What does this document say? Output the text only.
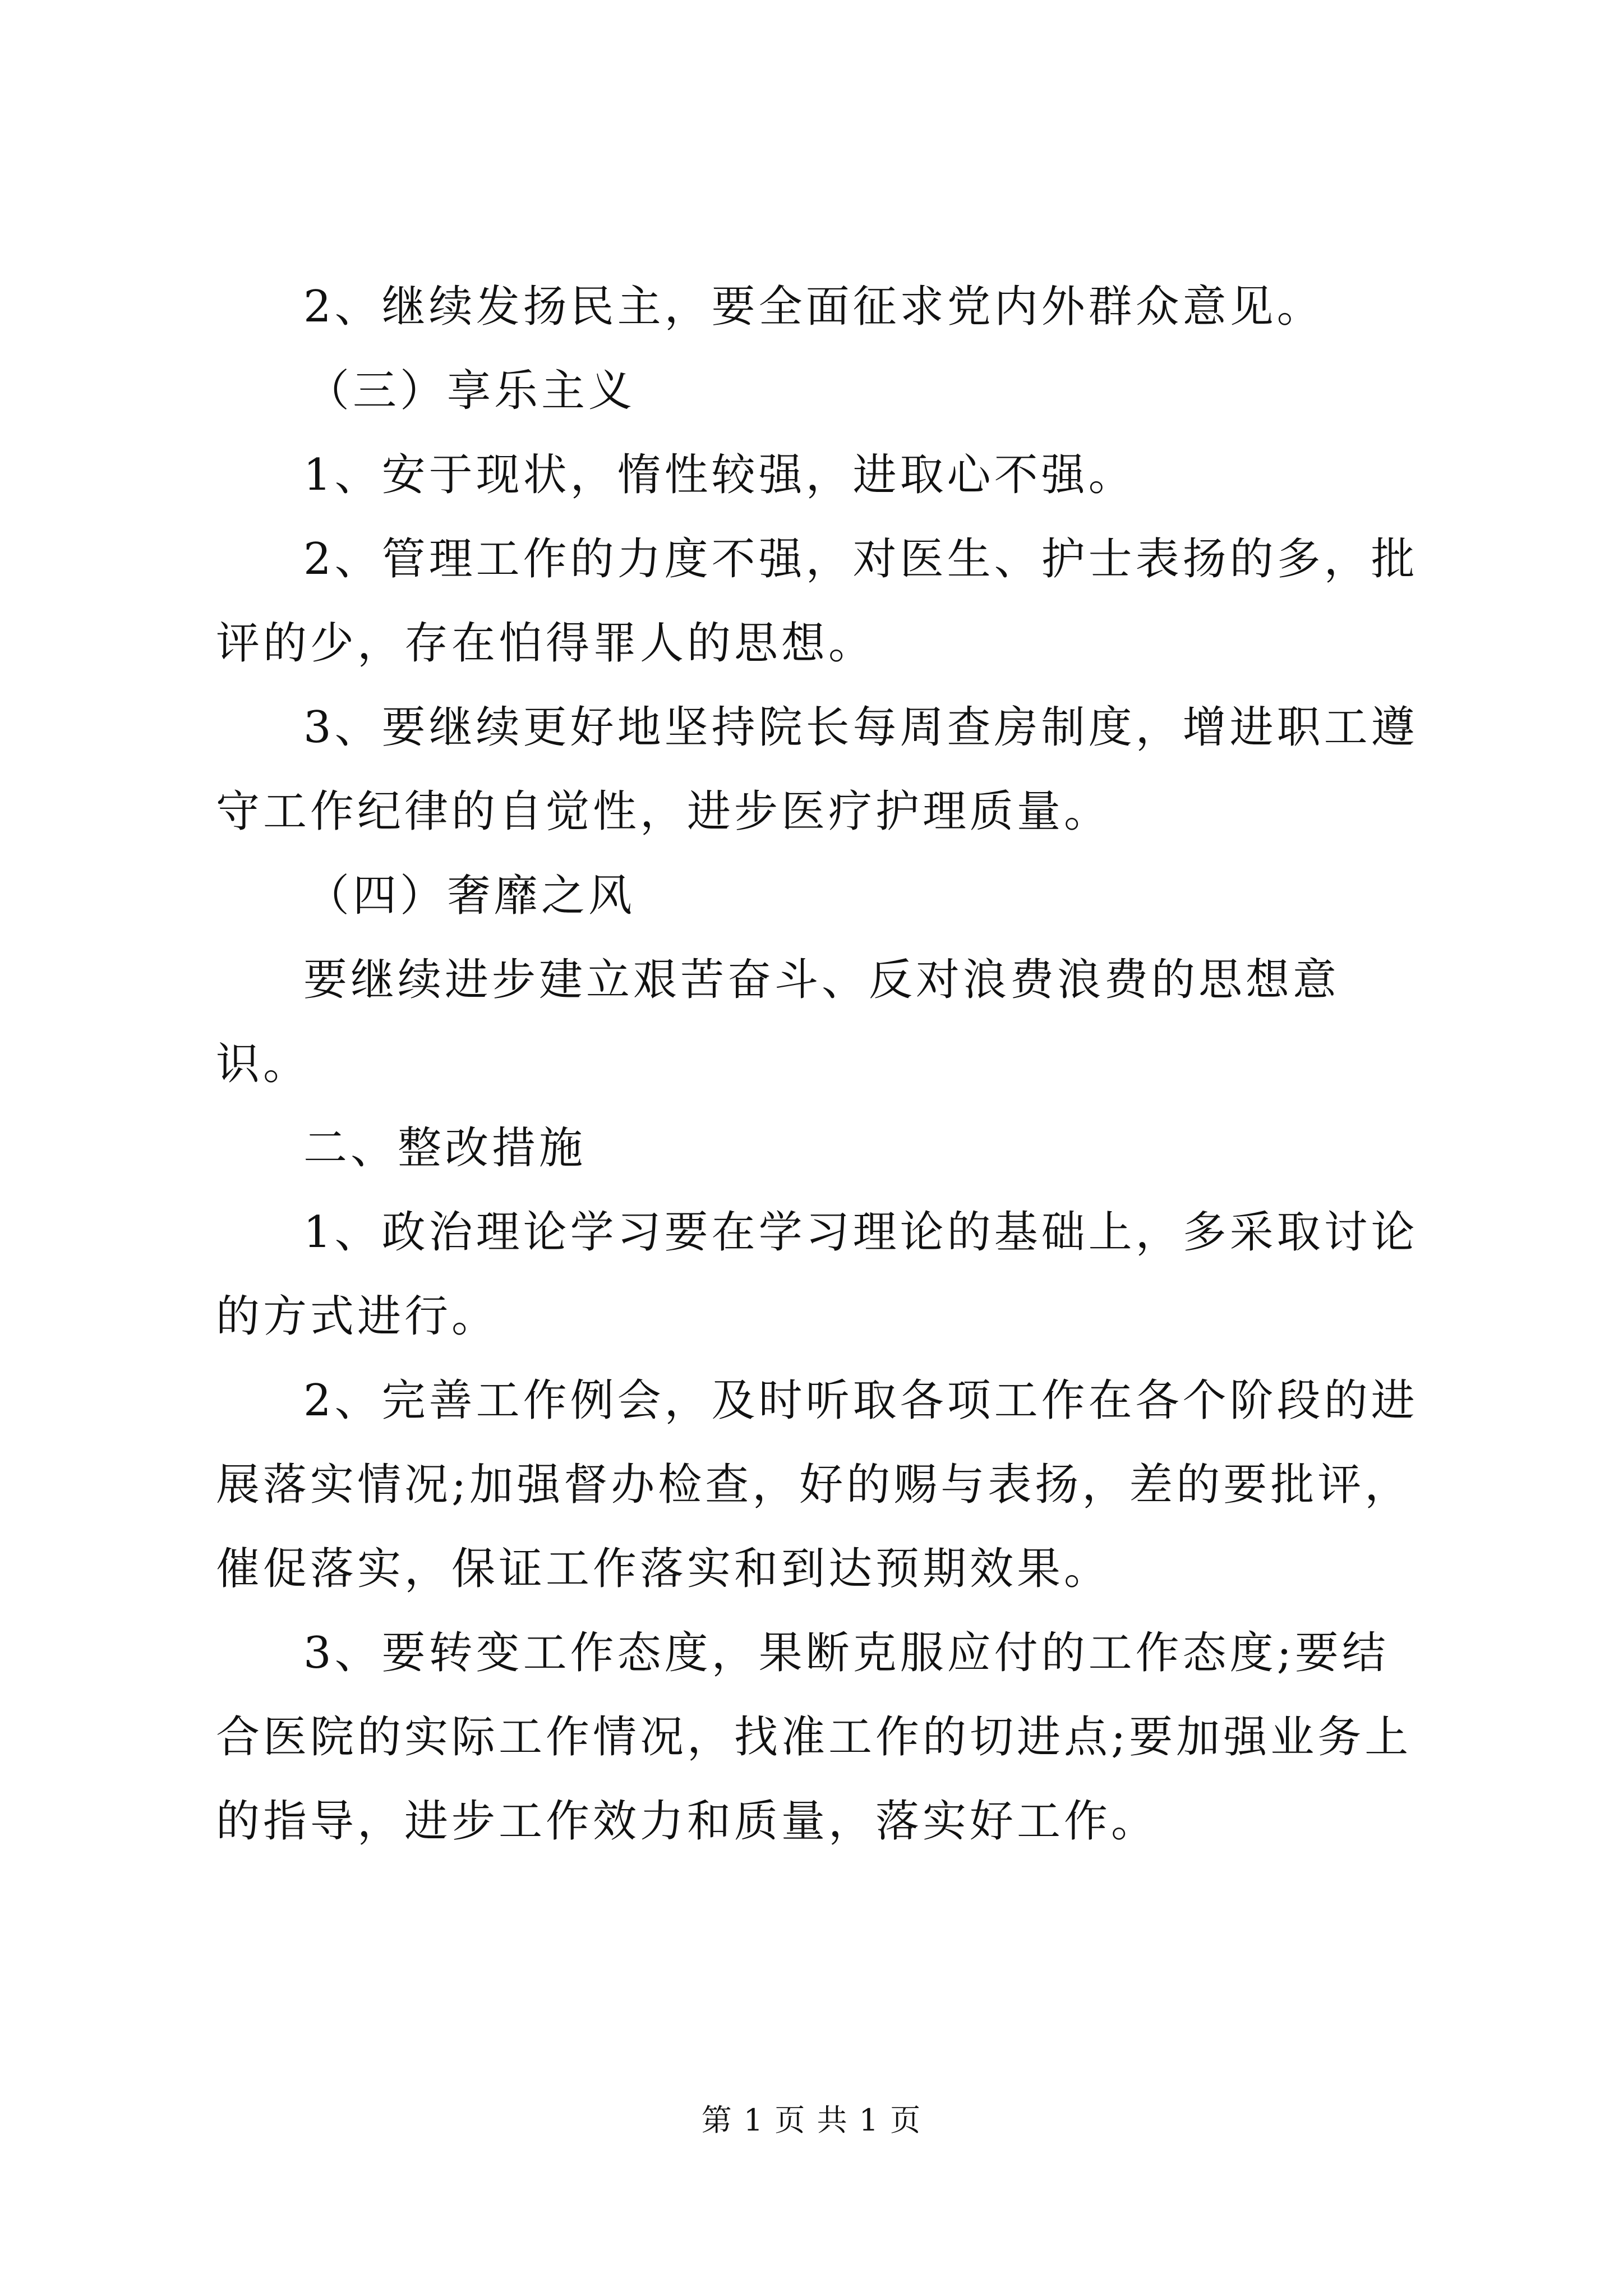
2、继续发扬民主，要全面征求党内外群众意见。

（三）享乐主义

1、安于现状，惰性较强，进取心不强。

2、管理工作的力度不强，对医生、护士表扬的多，批评的少，存在怕得罪人的思想。

3、要继续更好地坚持院长每周查房制度，增进职工遵守工作纪律的自觉性，进步医疗护理质量。

（四）奢靡之风

要继续进步建立艰苦奋斗、反对浪费浪费的思想意识。

二、整改措施

1、政治理论学习要在学习理论的基础上，多采取讨论的方式进行。

2、完善工作例会，及时听取各项工作在各个阶段的进展落实情况;加强督办检查，好的赐与表扬，差的要批评，催促落实，保证工作落实和到达预期效果。

3、要转变工作态度，果断克服应付的工作态度;要结合医院的实际工作情况，找准工作的切进点;要加强业务上的指导，进步工作效力和质量，落实好工作。

第 1 页 共 1 页
